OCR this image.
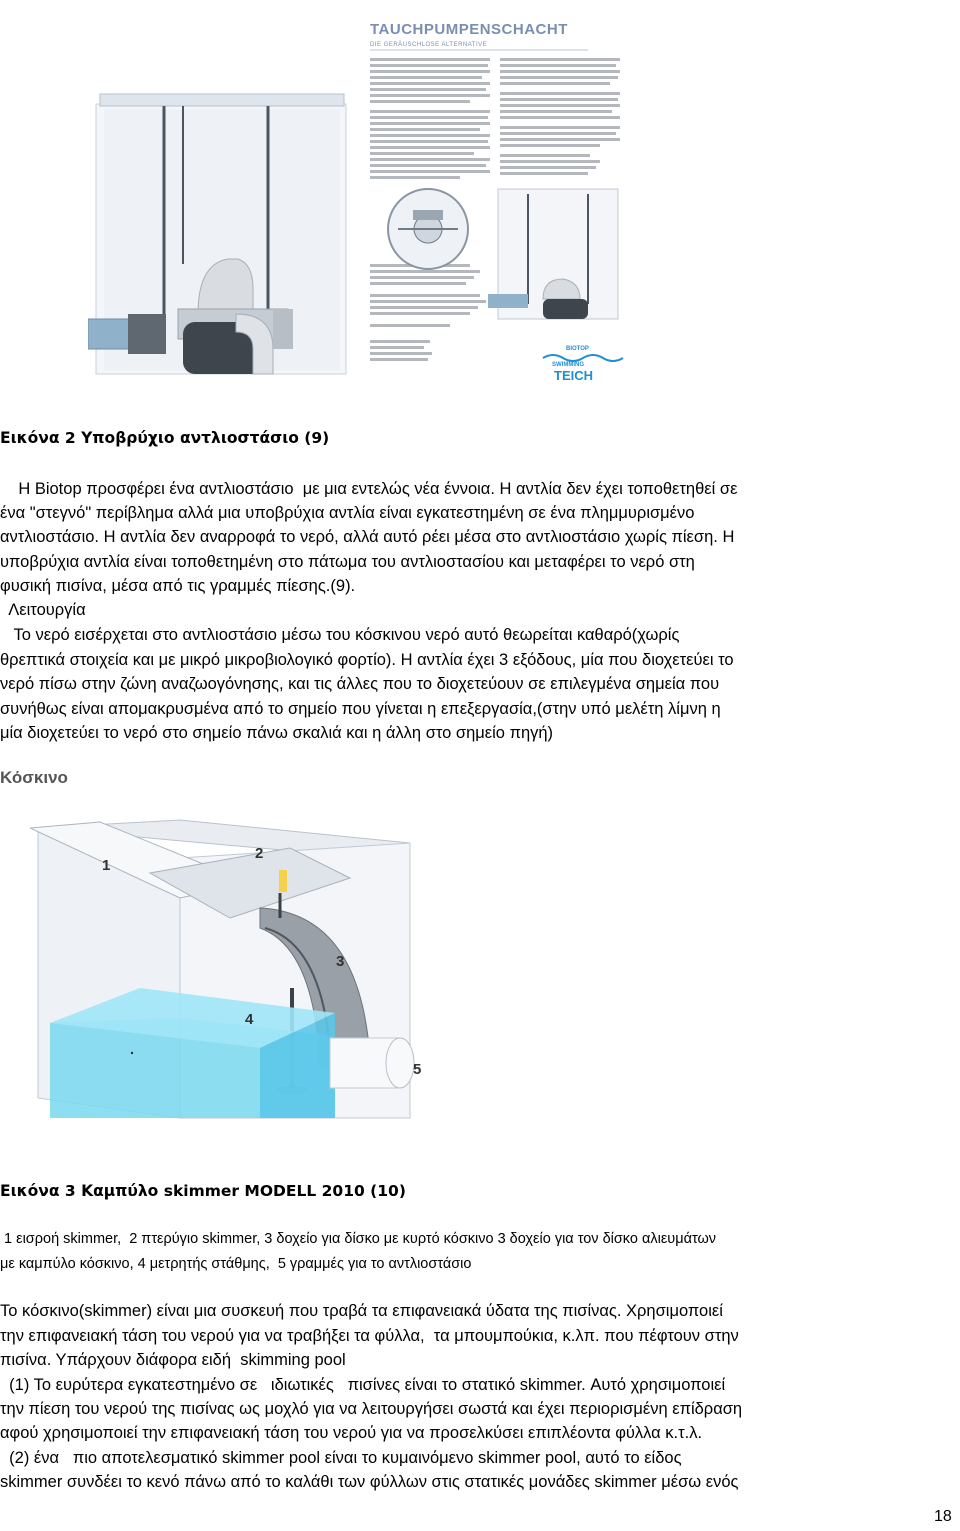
TAUCHPUMPENSCHACHT
DIE GERÄUSCHLOSE ALTERNATIVE
BIOTOP
SWIMMING
TEICH
Εικόνα 2 Υποβρύχιο αντλιοστάσιο (9)
Η Biotop προσφέρει ένα αντλιοστάσιο  με μια εντελώς νέα έννοια. Η αντλία δεν έχει τοποθετηθεί σε
ένα "στεγνό" περίβλημα αλλά μια υποβρύχια αντλία είναι εγκατεστημένη σε ένα πλημμυρισμένο
αντλιοστάσιο. Η αντλία δεν αναρροφά το νερό, αλλά αυτό ρέει μέσα στο αντλιοστάσιο χωρίς πίεση. Η
υποβρύχια αντλία είναι τοποθετημένη στο πάτωμα του αντλιοστασίου και μεταφέρει το νερό στη
φυσική πισίνα, μέσα από τις γραμμές πίεσης.(9).
Λειτουργία
Το νερό εισέρχεται στο αντλιοστάσιο μέσω του κόσκινου νερό αυτό θεωρείται καθαρό(χωρίς
θρεπτικά στοιχεία και με μικρό μικροβιολογικό φορτίο). Η αντλία έχει 3 εξόδους, μία που διοχετεύει το
νερό πίσω στην ζώνη αναζωογόνησης, και τις άλλες που το διοχετεύουν σε επιλεγμένα σημεία που
συνήθως είναι απομακρυσμένα από το σημείο που γίνεται η επεξεργασία,(στην υπό μελέτη λίμνη η
μία διοχετεύει το νερό στο σημείο πάνω σκαλιά και η άλλη στο σημείο πηγή)
Κόσκινο
1
2
3
4
5
Εικόνα 3 Καμπύλο skimmer MODELL 2010 (10)
1 εισροή skimmer,  2 πτερύγιο skimmer, 3 δοχείο για δίσκο με κυρτό κόσκινο 3 δοχείο για τον δίσκο αλιευμάτων
με καμπύλο κόσκινο, 4 μετρητής στάθμης,  5 γραμμές για το αντλιοστάσιο
Το κόσκινο(skimmer) είναι μια συσκευή που τραβά τα επιφανειακά ύδατα της πισίνας. Χρησιμοποιεί
την επιφανειακή τάση του νερού για να τραβήξει τα φύλλα,  τα μπουμπούκια, κ.λπ. που πέφτουν στην
πισίνα. Υπάρχουν διάφορα ειδή  skimming pool
(1) Το ευρύτερα εγκατεστημένο σε   ιδιωτικές   πισίνες είναι το στατικό skimmer. Αυτό χρησιμοποιεί
την πίεση του νερού της πισίνας ως μοχλό για να λειτουργήσει σωστά και έχει περιορισμένη επίδραση
αφού χρησιμοποιεί την επιφανειακή τάση του νερού για να προσελκύσει επιπλέοντα φύλλα κ.τ.λ.
(2) ένα   πιο αποτελεσματικό skimmer pool είναι το κυμαινόμενο skimmer pool, αυτό το είδος
skimmer συνδέει το κενό πάνω από το καλάθι των φύλλων στις στατικές μονάδες skimmer μέσω ενός
18
